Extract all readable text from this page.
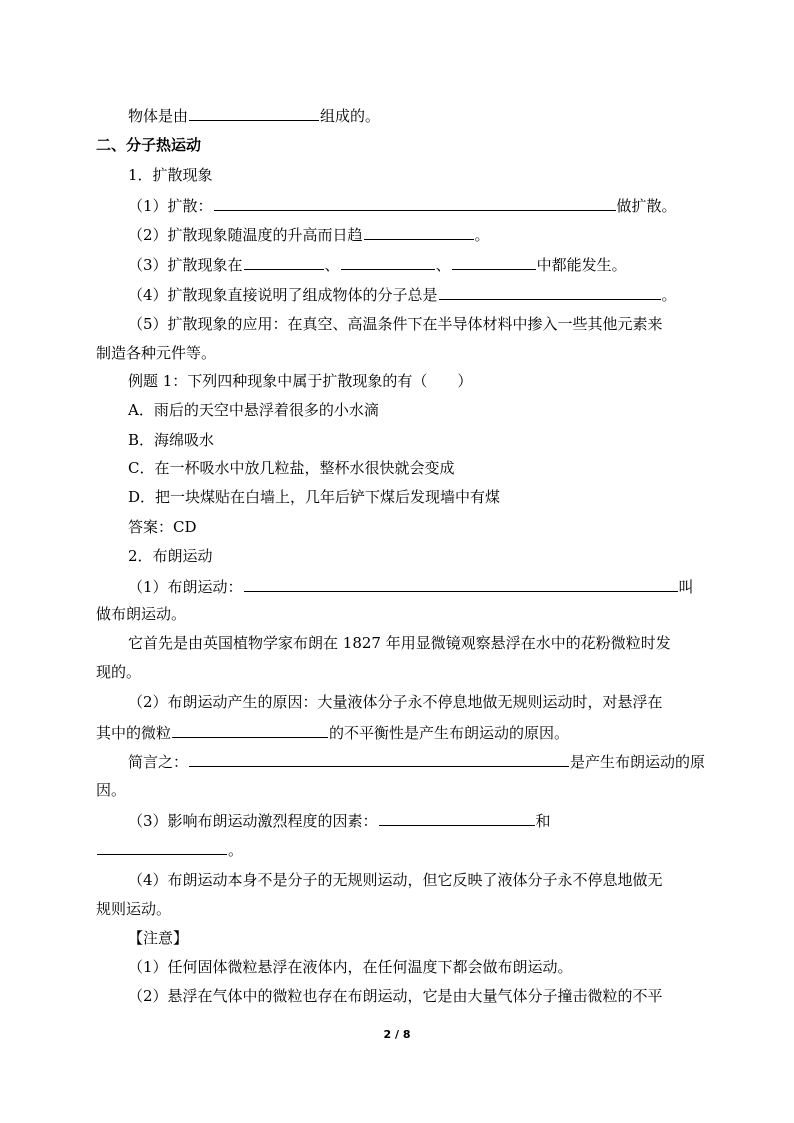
物体是由	组成的。
二、分子热运动
1．扩散现象
（1）扩散：	做扩散。
（2）扩散现象随温度的升高而日趋	。
（3）扩散现象在	、	、	中都能发生。
（4）扩散现象直接说明了组成物体的分子总是	。
（5）扩散现象的应用：在真空、高温条件下在半导体材料中掺入一些其他元素来
制造各种元件等。
例题 1：下列四种现象中属于扩散现象的有（　　）
A．雨后的天空中悬浮着很多的小水滴
B．海绵吸水
C．在一杯吸水中放几粒盐，整杯水很快就会变成
D．把一块煤贴在白墙上，几年后铲下煤后发现墙中有煤
答案：CD
2．布朗运动
（1）布朗运动：	叫
做布朗运动。
它首先是由英国植物学家布朗在 1827 年用显微镜观察悬浮在水中的花粉微粒时发
现的。
（2）布朗运动产生的原因：大量液体分子永不停息地做无规则运动时，对悬浮在
其中的微粒	的不平衡性是产生布朗运动的原因。
简言之：	是产生布朗运动的原
因。
（3）影响布朗运动激烈程度的因素：	和
。
（4）布朗运动本身不是分子的无规则运动，但它反映了液体分子永不停息地做无
规则运动。
【注意】
（1）任何固体微粒悬浮在液体内，在任何温度下都会做布朗运动。
（2）悬浮在气体中的微粒也存在布朗运动，它是由大量气体分子撞击微粒的不平
2 / 8
